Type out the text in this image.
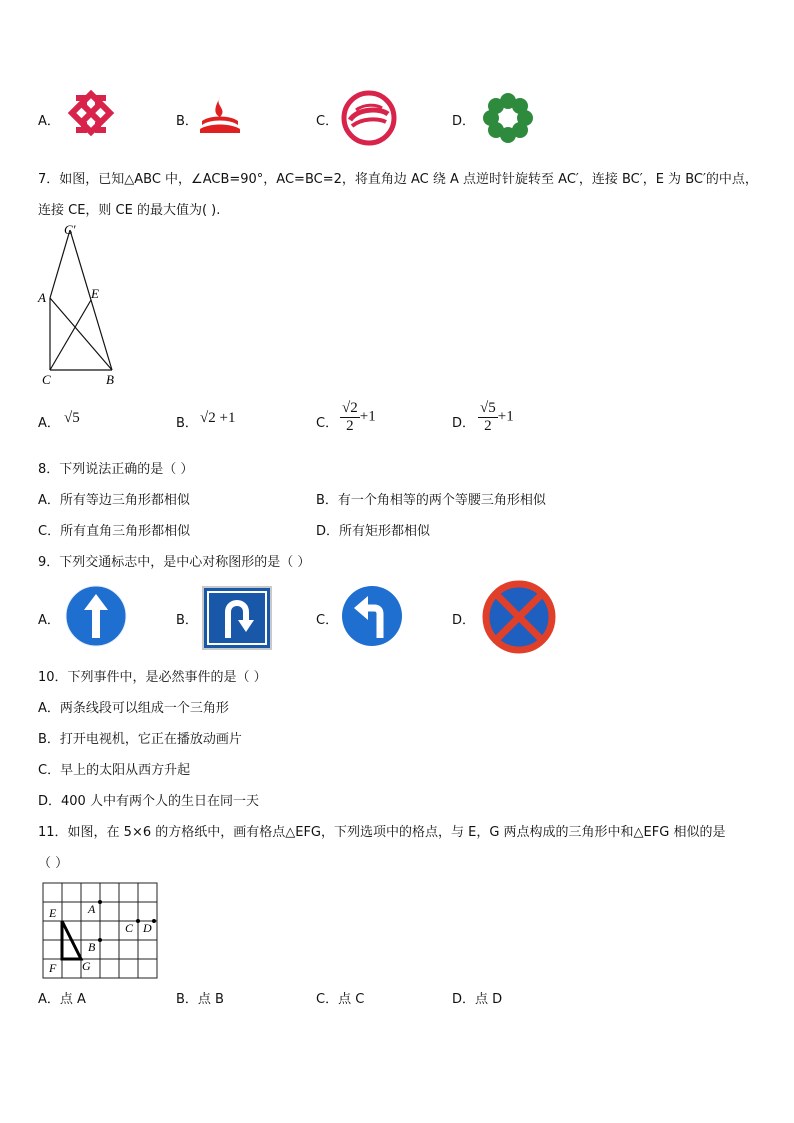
A．	B．	C．	D．
7．如图，已知△ABC 中，∠ACB=90°，AC=BC=2，将直角边 AC 绕 A 点逆时针旋转至 AC′，连接 BC′，E 为 BC′的中点，
连接 CE，则 CE 的最大值为( ).
C′
A	E
C	B
A． √5	B． √2 +1	C． $\frac{√2}{2} +1$	D． $\frac{√5}{2} +1$
8．下列说法正确的是（ ）
A．所有等边三角形都相似	B．有一个角相等的两个等腰三角形相似
C．所有直角三角形都相似	D．所有矩形都相似
9．下列交通标志中，是中心对称图形的是（ ）
A．	B．	C．	D．
10．下列事件中，是必然事件的是（ ）
A．两条线段可以组成一个三角形
B．打开电视机，它正在播放动画片
C．早上的太阳从西方升起
D．400 人中有两个人的生日在同一天
11．如图，在 5×6 的方格纸中，画有格点△EFG，下列选项中的格点，与 E，G 两点构成的三角形中和△EFG 相似的是
（ ）
E	A
C D
B
F G
A．点 A	B．点 B	C．点 C	D．点 D
